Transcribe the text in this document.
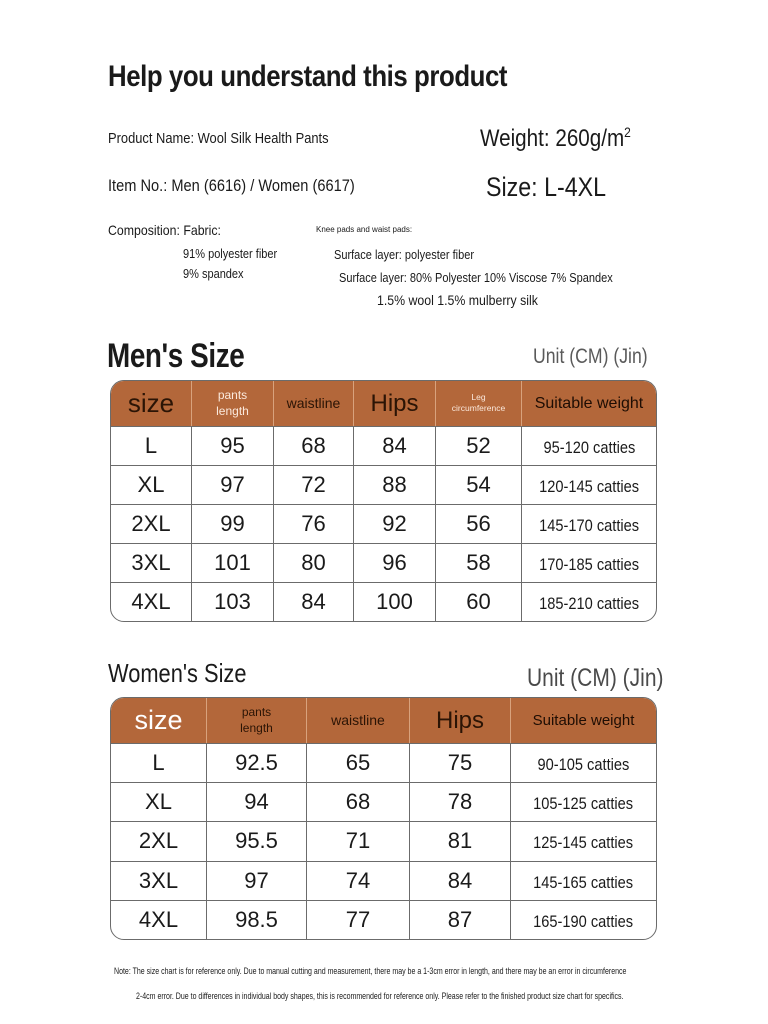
Help you understand this product
Product Name: Wool Silk Health Pants	Weight: $260g/m^2$
Item No.: Men (6616) / Women (6617)	Size: L-4XL
Composition: Fabric:
91% polyester fiber
9% spandex
Knee pads and waist pads:
Surface layer: polyester fiber
Surface layer: 80% Polyester 10% Viscose 7% Spandex
1.5% wool 1.5% mulberry silk
Men's Size	Unit (CM) (Jin)
size	pants length	waistline	Hips	Leg circumference	Suitable weight
L	95	68	84	52	95-120 catties
XL	97	72	88	54	120-145 catties
2XL	99	76	92	56	145-170 catties
3XL	101	80	96	58	170-185 catties
4XL	103	84	100	60	185-210 catties
Women's Size	Unit (CM) (Jin)
size	pants length	waistline	Hips	Suitable weight
L	92.5	65	75	90-105 catties
XL	94	68	78	105-125 catties
2XL	95.5	71	81	125-145 catties
3XL	97	74	84	145-165 catties
4XL	98.5	77	87	165-190 catties
Note: The size chart is for reference only. Due to manual cutting and measurement, there may be a 1-3cm error in length, and there may be an error in circumference
2-4cm error. Due to differences in individual body shapes, this is recommended for reference only. Please refer to the finished product size chart for specifics.
